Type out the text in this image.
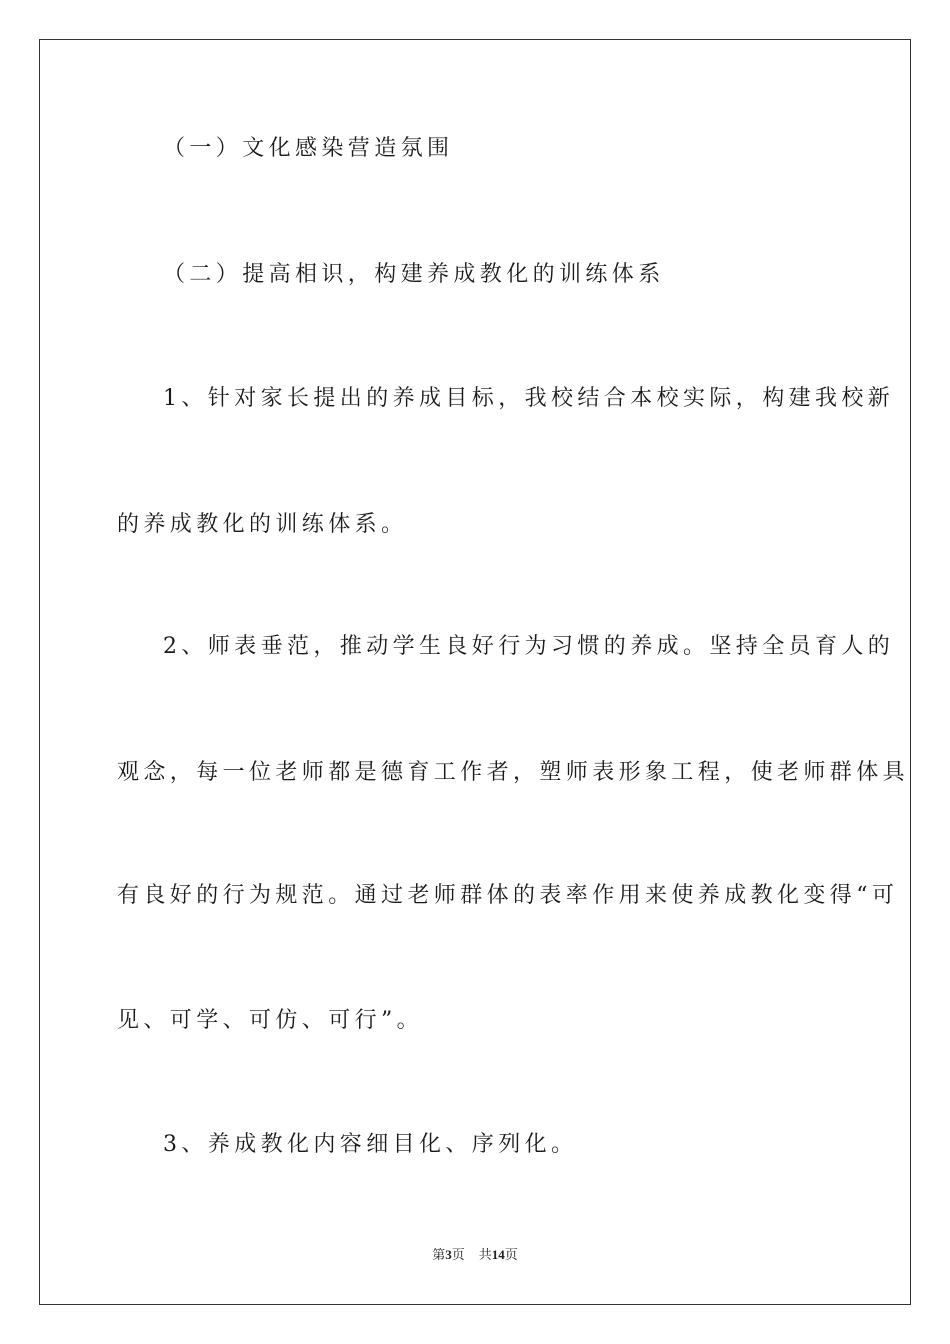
（一）文化感染营造氛围
（二）提高相识，构建养成教化的训练体系
1、针对家长提出的养成目标，我校结合本校实际，构建我校新
的养成教化的训练体系。
2、师表垂范，推动学生良好行为习惯的养成。坚持全员育人的
观念，每一位老师都是德育工作者，塑师表形象工程，使老师群体具
有良好的行为规范。通过老师群体的表率作用来使养成教化变得“可
见、可学、可仿、可行”。
3、养成教化内容细目化、序列化。
第3页 共14页
